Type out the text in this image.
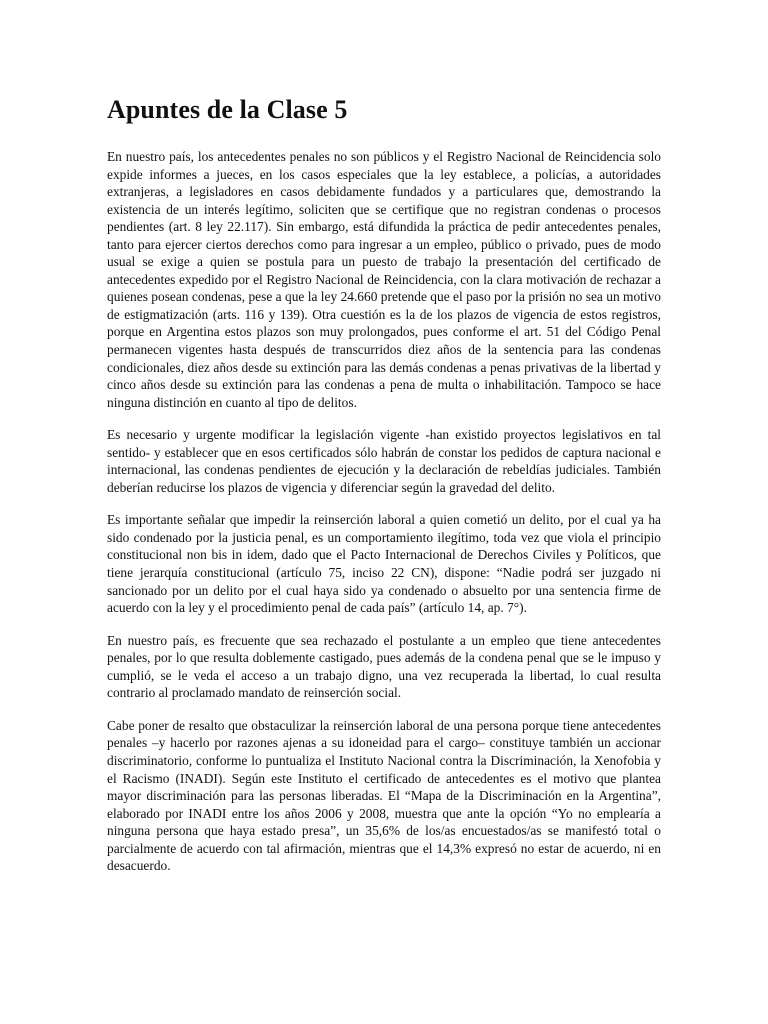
Apuntes de la Clase 5

En nuestro país, los antecedentes penales no son públicos y el Registro Nacional de Reincidencia solo expide informes a jueces, en los casos especiales que la ley establece, a policías, a autoridades extranjeras, a legisladores en casos debidamente fundados y a particulares que, demostrando la existencia de un interés legítimo, soliciten que se certifique que no registran condenas o procesos pendientes (art. 8 ley 22.117). Sin embargo, está difundida la práctica de pedir antecedentes penales, tanto para ejercer ciertos derechos como para ingresar a un empleo, público o privado, pues de modo usual se exige a quien se postula para un puesto de trabajo la presentación del certificado de antecedentes expedido por el Registro Nacional de Reincidencia, con la clara motivación de rechazar a quienes posean condenas, pese a que la ley 24.660 pretende que el paso por la prisión no sea un motivo de estigmatización (arts. 116 y 139). Otra cuestión es la de los plazos de vigencia de estos registros, porque en Argentina estos plazos son muy prolongados, pues conforme el art. 51 del Código Penal permanecen vigentes hasta después de transcurridos diez años de la sentencia para las condenas condicionales, diez años desde su extinción para las demás condenas a penas privativas de la libertad y cinco años desde su extinción para las condenas a pena de multa o inhabilitación. Tampoco se hace ninguna distinción en cuanto al tipo de delitos.

Es necesario y urgente modificar la legislación vigente -han existido proyectos legislativos en tal sentido- y establecer que en esos certificados sólo habrán de constar los pedidos de captura nacional e internacional, las condenas pendientes de ejecución y la declaración de rebeldías judiciales. También deberían reducirse los plazos de vigencia y diferenciar según la gravedad del delito.

Es importante señalar que impedir la reinserción laboral a quien cometió un delito, por el cual ya ha sido condenado por la justicia penal, es un comportamiento ilegítimo, toda vez que viola el principio constitucional non bis in idem, dado que el Pacto Internacional de Derechos Civiles y Políticos, que tiene jerarquía constitucional (artículo 75, inciso 22 CN), dispone: “Nadie podrá ser juzgado ni sancionado por un delito por el cual haya sido ya condenado o absuelto por una sentencia firme de acuerdo con la ley y el procedimiento penal de cada país” (artículo 14, ap. 7°).

En nuestro país, es frecuente que sea rechazado el postulante a un empleo que tiene antecedentes penales, por lo que resulta doblemente castigado, pues además de la condena penal que se le impuso y cumplió, se le veda el acceso a un trabajo digno, una vez recuperada la libertad, lo cual resulta contrario al proclamado mandato de reinserción social.

Cabe poner de resalto que obstaculizar la reinserción laboral de una persona porque tiene antecedentes penales –y hacerlo por razones ajenas a su idoneidad para el cargo– constituye también un accionar discriminatorio, conforme lo puntualiza el Instituto Nacional contra la Discriminación, la Xenofobia y el Racismo (INADI). Según este Instituto el certificado de antecedentes es el motivo que plantea mayor discriminación para las personas liberadas. El “Mapa de la Discriminación en la Argentina”, elaborado por INADI entre los años 2006 y 2008, muestra que ante la opción “Yo no emplearía a ninguna persona que haya estado presa”, un 35,6% de los/as encuestados/as se manifestó total o parcialmente de acuerdo con tal afirmación, mientras que el 14,3% expresó no estar de acuerdo, ni en desacuerdo.
